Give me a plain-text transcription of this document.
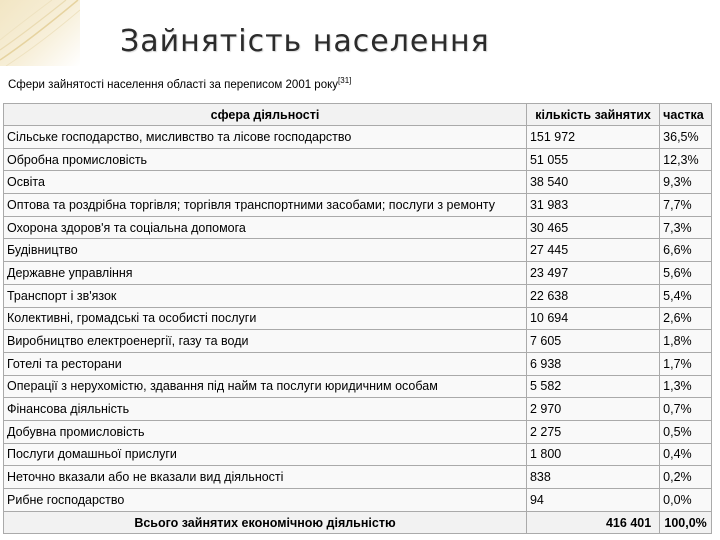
Зайнятість населення
Сфери зайнятості населення області за переписом 2001 року[31]
сфера діяльності	кількість зайнятих	частка
Сільське господарство, мисливство та лісове господарство	151 972	36,5%
Обробна промисловість	51 055	12,3%
Освіта	38 540	9,3%
Оптова та роздрібна торгівля; торгівля транспортними засобами; послуги з ремонту	31 983	7,7%
Охорона здоров'я та соціальна допомога	30 465	7,3%
Будівництво	27 445	6,6%
Державне управління	23 497	5,6%
Транспорт і зв'язок	22 638	5,4%
Колективні, громадські та особисті послуги	10 694	2,6%
Виробництво електроенергії, газу та води	7 605	1,8%
Готелі та ресторани	6 938	1,7%
Операції з нерухомістю, здавання під найм та послуги юридичним особам	5 582	1,3%
Фінансова діяльність	2 970	0,7%
Добувна промисловість	2 275	0,5%
Послуги домашньої прислуги	1 800	0,4%
Неточно вказали або не вказали вид діяльності	838	0,2%
Рибне господарство	94	0,0%
Всього зайнятих економічною діяльністю	416 401	100,0%
